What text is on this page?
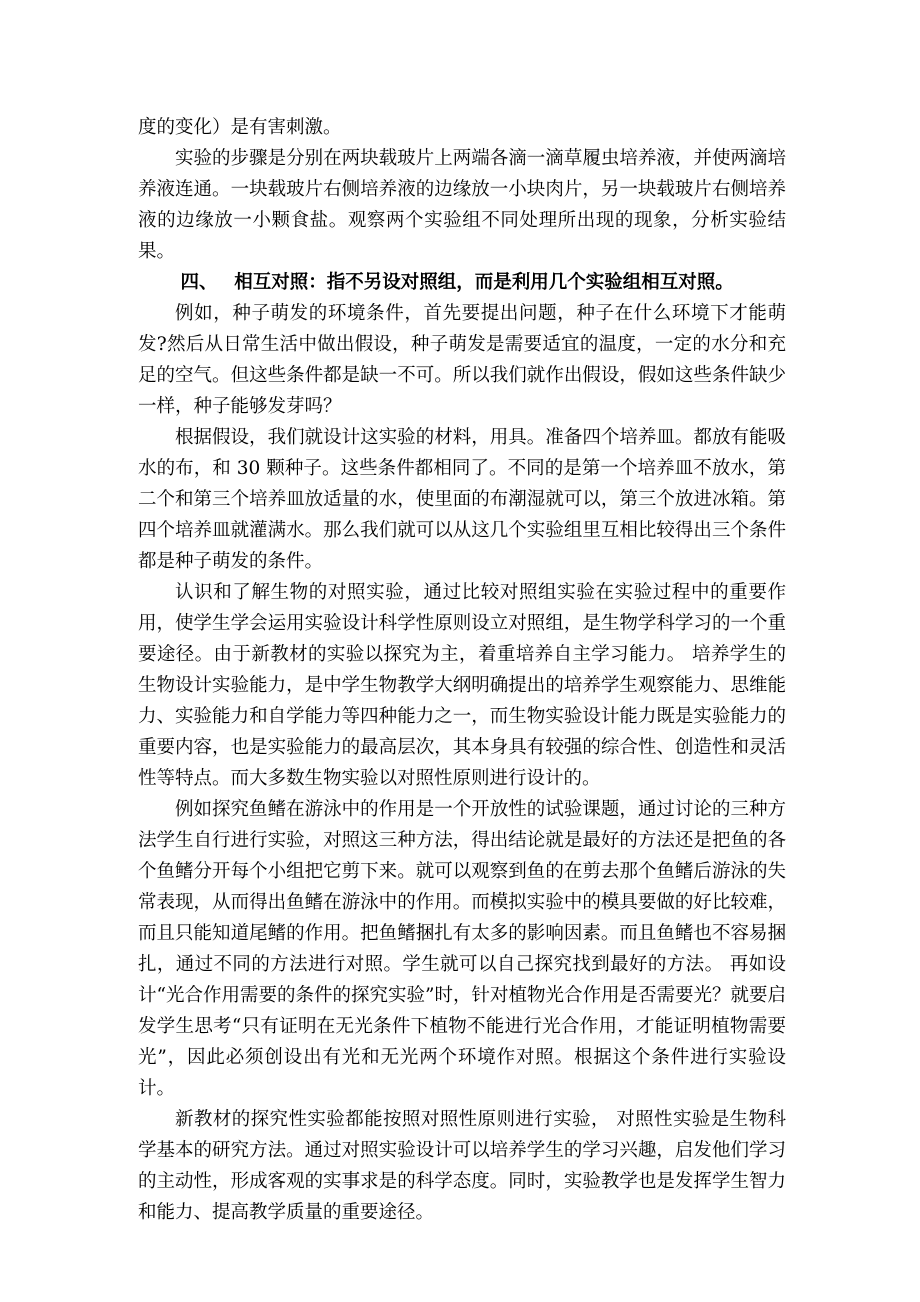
度的变化）是有害刺激。

实验的步骤是分别在两块载玻片上两端各滴一滴草履虫培养液，并使两滴培养液连通。一块载玻片右侧培养液的边缘放一小块肉片，另一块载玻片右侧培养液的边缘放一小颗食盐。观察两个实验组不同处理所出现的现象，分析实验结果。

四、 相互对照：指不另设对照组，而是利用几个实验组相互对照。

例如，种子萌发的环境条件，首先要提出问题，种子在什么环境下才能萌发?然后从日常生活中做出假设，种子萌发是需要适宜的温度，一定的水分和充足的空气。但这些条件都是缺一不可。所以我们就作出假设，假如这些条件缺少一样，种子能够发芽吗？

根据假设，我们就设计这实验的材料，用具。准备四个培养皿。都放有能吸水的布，和 30 颗种子。这些条件都相同了。不同的是第一个培养皿不放水，第二个和第三个培养皿放适量的水，使里面的布潮湿就可以，第三个放进冰箱。第四个培养皿就灌满水。那么我们就可以从这几个实验组里互相比较得出三个条件都是种子萌发的条件。

认识和了解生物的对照实验，通过比较对照组实验在实验过程中的重要作用，使学生学会运用实验设计科学性原则设立对照组，是生物学科学习的一个重要途径。由于新教材的实验以探究为主，着重培养自主学习能力。 培养学生的生物设计实验能力，是中学生物教学大纲明确提出的培养学生观察能力、思维能力、实验能力和自学能力等四种能力之一，而生物实验设计能力既是实验能力的重要内容，也是实验能力的最高层次，其本身具有较强的综合性、创造性和灵活性等特点。而大多数生物实验以对照性原则进行设计的。

例如探究鱼鳍在游泳中的作用是一个开放性的试验课题，通过讨论的三种方法学生自行进行实验，对照这三种方法，得出结论就是最好的方法还是把鱼的各个鱼鳍分开每个小组把它剪下来。就可以观察到鱼的在剪去那个鱼鳍后游泳的失常表现，从而得出鱼鳍在游泳中的作用。而模拟实验中的模具要做的好比较难，而且只能知道尾鳍的作用。把鱼鳍捆扎有太多的影响因素。而且鱼鳍也不容易捆扎，通过不同的方法进行对照。学生就可以自己探究找到最好的方法。 再如设计“光合作用需要的条件的探究实验”时，针对植物光合作用是否需要光？就要启发学生思考“只有证明在无光条件下植物不能进行光合作用，才能证明植物需要光”，因此必须创设出有光和无光两个环境作对照。根据这个条件进行实验设计。

新教材的探究性实验都能按照对照性原则进行实验， 对照性实验是生物科学基本的研究方法。通过对照实验设计可以培养学生的学习兴趣，启发他们学习的主动性，形成客观的实事求是的科学态度。同时，实验教学也是发挥学生智力和能力、提高教学质量的重要途径。
